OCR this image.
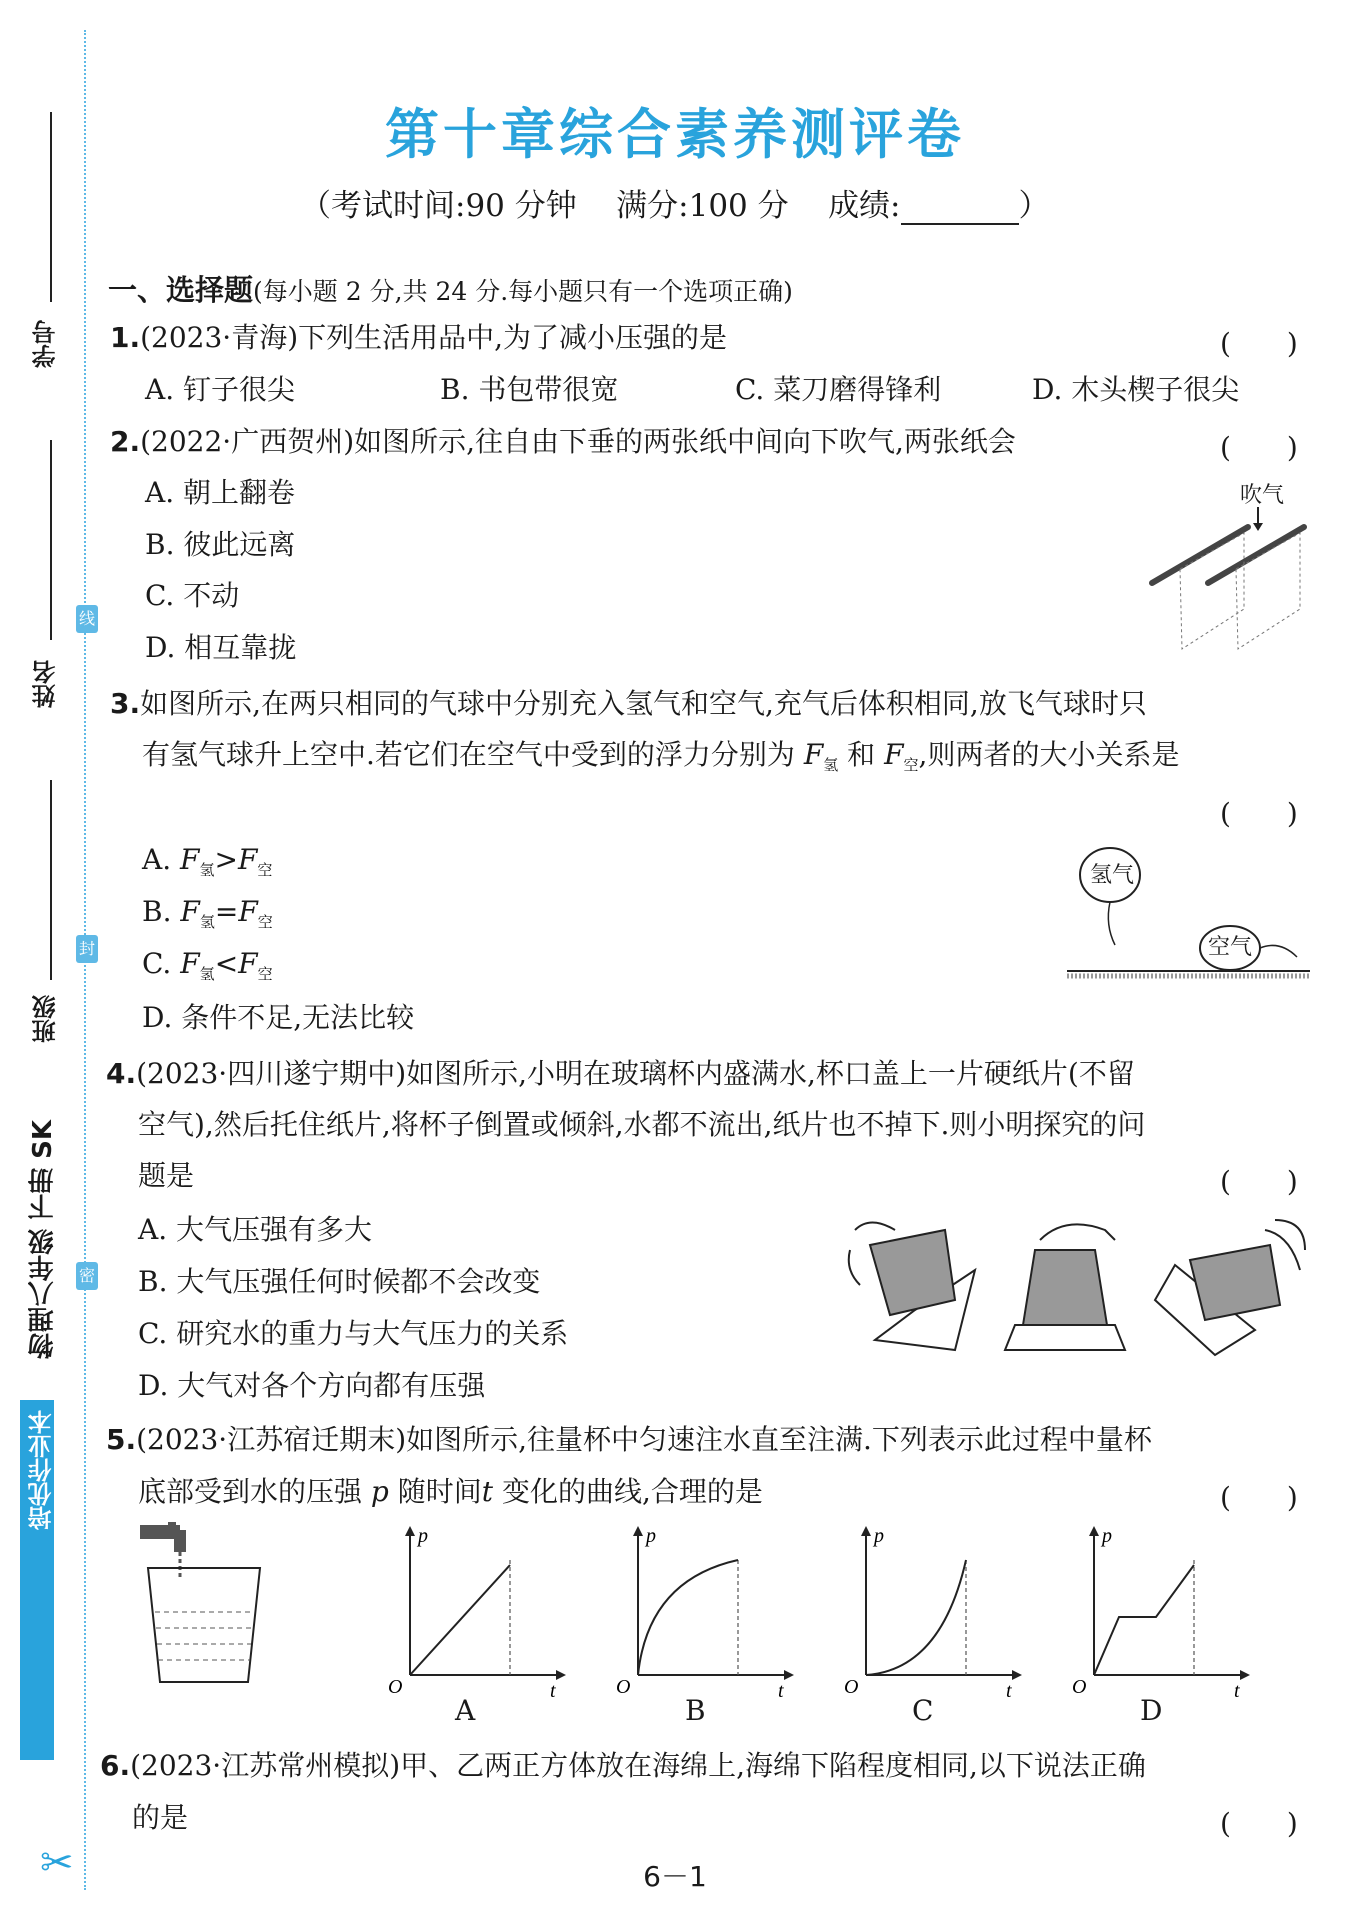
学号
姓名
班级
物理八年级 下册 SK
培优作业本
线
封
密
✂
第十章综合素养测评卷
（考试时间:90 分钟 满分:100 分 成绩:	）
一、选择题(每小题 2 分,共 24 分.每小题只有一个选项正确)
1.(2023·青海)下列生活用品中,为了减小压强的是	(　　)
A. 钉子很尖	B. 书包带很宽	C. 菜刀磨得锋利	D. 木头楔子很尖
2.(2022·广西贺州)如图所示,往自由下垂的两张纸中间向下吹气,两张纸会	(　　)
A. 朝上翻卷
B. 彼此远离
C. 不动
D. 相互靠拢
吹气
3.如图所示,在两只相同的气球中分别充入氢气和空气,充气后体积相同,放飞气球时只
有氢气球升上空中.若它们在空气中受到的浮力分别为 $F_氢$ 和 $F_空$,则两者的大小关系是
(　　)
A. $F_氢>F_空$
B. $F_氢=F_空$
C. $F_氢<F_空$
D. 条件不足,无法比较
氢气
空气
4.(2023·四川遂宁期中)如图所示,小明在玻璃杯内盛满水,杯口盖上一片硬纸片(不留
空气),然后托住纸片,将杯子倒置或倾斜,水都不流出,纸片也不掉下.则小明探究的问
题是	(　　)
A. 大气压强有多大
B. 大气压强任何时候都不会改变
C. 研究水的重力与大气压力的关系
D. 大气对各个方向都有压强
5.(2023·江苏宿迁期末)如图所示,往量杯中匀速注水直至注满.下列表示此过程中量杯
底部受到水的压强 p 随时间t 变化的曲线,合理的是	(　　)
p
t
O
p
t
O
p
t
O
p
t
O
A	B	C	D
6.(2023·江苏常州模拟)甲、乙两正方体放在海绵上,海绵下陷程度相同,以下说法正确
的是	(　　)
6－1
